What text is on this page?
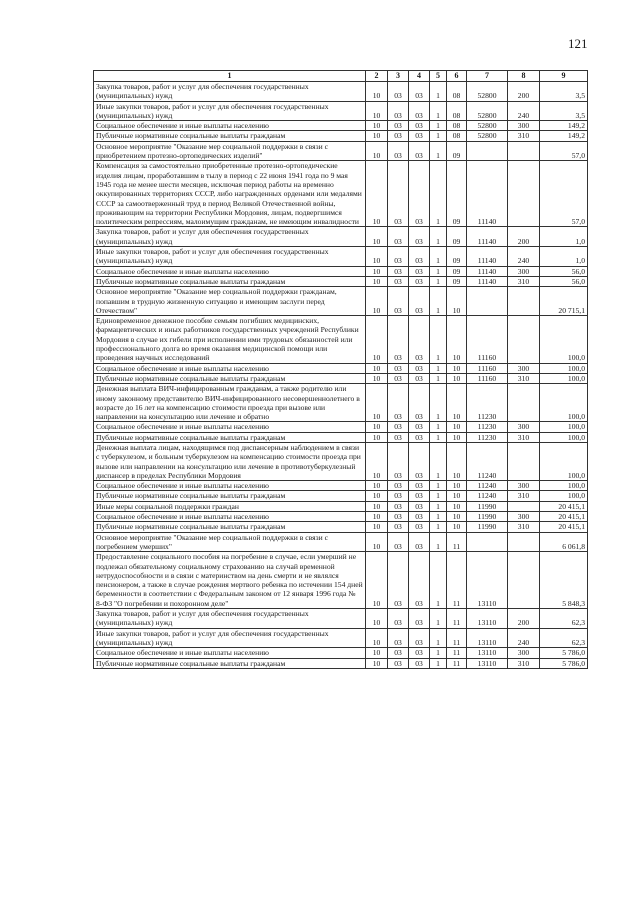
121
1	2	3	4	5	6	7	8	9
Закупка товаров, работ и услуг для обеспечения государственных (муниципальных) нужд	10	03	03	1	08	52800	200	3,5
Иные закупки товаров, работ и услуг для обеспечения государственных (муниципальных) нужд	10	03	03	1	08	52800	240	3,5
Социальное обеспечение и иные выплаты населению	10	03	03	1	08	52800	300	149,2
Публичные нормативные социальные выплаты гражданам	10	03	03	1	08	52800	310	149,2
Основное мероприятие "Оказание мер социальной поддержки в связи с приобретением протезно-ортопедических изделий"	10	03	03	1	09			57,0
Компенсация за самостоятельно приобретенные протезно-ортопедические изделия лицам, проработавшим в тылу в период с 22 июня 1941 года по 9 мая 1945 года не менее шести месяцев, исключая период работы на временно оккупированных территориях СССР, либо награжденных орденами или медалями СССР за самоотверженный труд в период Великой Отечественной войны, проживающим на территории Республики Мордовия, лицам, подвергшимся политическим репрессиям, малоимущим гражданам, не имеющим инвалидности	10	03	03	1	09	11140		57,0
Закупка товаров, работ и услуг для обеспечения государственных (муниципальных) нужд	10	03	03	1	09	11140	200	1,0
Иные закупки товаров, работ и услуг для обеспечения государственных (муниципальных) нужд	10	03	03	1	09	11140	240	1,0
Социальное обеспечение и иные выплаты населению	10	03	03	1	09	11140	300	56,0
Публичные нормативные социальные выплаты гражданам	10	03	03	1	09	11140	310	56,0
Основное мероприятие "Оказание мер социальной поддержки гражданам, попавшим в трудную жизненную ситуацию и имеющим заслуги перед Отечеством"	10	03	03	1	10			20 715,1
Единовременное денежное пособие семьям погибших медицинских, фармацевтических и иных работников государственных учреждений Республики Мордовия в случае их гибели при исполнении ими трудовых обязанностей или профессионального долга во время оказания медицинской помощи или проведения научных исследований	10	03	03	1	10	11160		100,0
Социальное обеспечение и иные выплаты населению	10	03	03	1	10	11160	300	100,0
Публичные нормативные социальные выплаты гражданам	10	03	03	1	10	11160	310	100,0
Денежная выплата ВИЧ-инфицированным гражданам, а также родителю или иному законному представителю ВИЧ-инфицированного несовершеннолетнего в возрасте до 16 лет на компенсацию стоимости проезда при вызове или направлении на консультацию или лечение и обратно	10	03	03	1	10	11230		100,0
Социальное обеспечение и иные выплаты населению	10	03	03	1	10	11230	300	100,0
Публичные нормативные социальные выплаты гражданам	10	03	03	1	10	11230	310	100,0
Денежная выплата лицам, находящимся под диспансерным наблюдением в связи с туберкулезом, и больным туберкулезом на компенсацию стоимости проезда при вызове или направлении на консультацию или лечение в противотуберкулезный диспансер в пределах Республики Мордовия	10	03	03	1	10	11240		100,0
Социальное обеспечение и иные выплаты населению	10	03	03	1	10	11240	300	100,0
Публичные нормативные социальные выплаты гражданам	10	03	03	1	10	11240	310	100,0
Иные меры социальной поддержки граждан	10	03	03	1	10	11990		20 415,1
Социальное обеспечение и иные выплаты населению	10	03	03	1	10	11990	300	20 415,1
Публичные нормативные социальные выплаты гражданам	10	03	03	1	10	11990	310	20 415,1
Основное мероприятие "Оказание мер социальной поддержки в связи с погребением умерших"	10	03	03	1	11			6 061,8
Предоставление социального пособия на погребение в случае, если умерший не подлежал обязательному социальному страхованию на случай временной нетрудоспособности и в связи с материнством на день смерти и не являлся пенсионером, а также в случае рождения мертвого ребенка по истечении 154 дней беременности в соответствии с Федеральным законом от 12 января 1996 года № 8-ФЗ "О погребении и похоронном деле"	10	03	03	1	11	13110		5 848,3
Закупка товаров, работ и услуг для обеспечения государственных (муниципальных) нужд	10	03	03	1	11	13110	200	62,3
Иные закупки товаров, работ и услуг для обеспечения государственных (муниципальных) нужд	10	03	03	1	11	13110	240	62,3
Социальное обеспечение и иные выплаты населению	10	03	03	1	11	13110	300	5 786,0
Публичные нормативные социальные выплаты гражданам	10	03	03	1	11	13110	310	5 786,0
